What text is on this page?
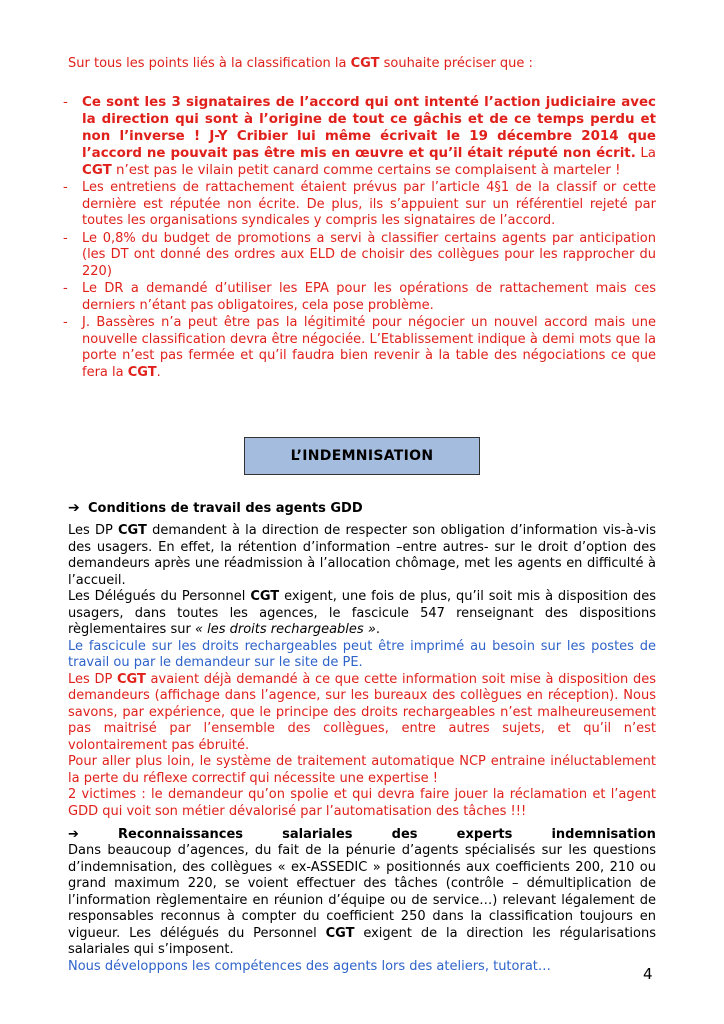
Sur tous les points liés à la classification la CGT souhaite préciser que :

- Ce sont les 3 signataires de l’accord qui ont intenté l’action judiciaire avec la direction qui sont à l’origine de tout ce gâchis et de ce temps perdu et non l’inverse ! J-Y Cribier lui même écrivait le 19 décembre 2014 que l’accord ne pouvait pas être mis en œuvre et qu’il était réputé non écrit. La CGT n’est pas le vilain petit canard comme certains se complaisent à marteler !
- Les entretiens de rattachement étaient prévus par l’article 4§1 de la classif or cette dernière est réputée non écrite. De plus, ils s’appuient sur un référentiel rejeté par toutes les organisations syndicales y compris les signataires de l’accord.
- Le 0,8% du budget de promotions a servi à classifier certains agents par anticipation (les DT ont donné des ordres aux ELD de choisir des collègues pour les rapprocher du 220)
- Le DR a demandé d’utiliser les EPA pour les opérations de rattachement mais ces derniers n’étant pas obligatoires, cela pose problème.
- J. Bassères n’a peut être pas la légitimité pour négocier un nouvel accord mais une nouvelle classification devra être négociée. L’Etablissement indique à demi mots que la porte n’est pas fermée et qu’il faudra bien revenir à la table des négociations ce que fera la CGT.
L’INDEMNISATION
➔ Conditions de travail des agents GDD

Les DP CGT demandent à la direction de respecter son obligation d’information vis-à-vis des usagers. En effet, la rétention d’information –entre autres- sur le droit d’option des demandeurs après une réadmission à l’allocation chômage, met les agents en difficulté à l’accueil.

Les Délégués du Personnel CGT exigent, une fois de plus, qu’il soit mis à disposition des usagers, dans toutes les agences, le fascicule 547 renseignant des dispositions règlementaires sur « les droits rechargeables ».

Le fascicule sur les droits rechargeables peut être imprimé au besoin sur les postes de travail ou par le demandeur sur le site de PE.

Les DP CGT avaient déjà demandé à ce que cette information soit mise à disposition des demandeurs (affichage dans l’agence, sur les bureaux des collègues en réception). Nous savons, par expérience, que le principe des droits rechargeables n’est malheureusement pas maitrisé par l’ensemble des collègues, entre autres sujets, et qu’il n’est volontairement pas ébruité.

Pour aller plus loin, le système de traitement automatique NCP entraine inéluctablement la perte du réflexe correctif qui nécessite une expertise !

2 victimes : le demandeur qu’on spolie et qui devra faire jouer la réclamation et l’agent GDD qui voit son métier dévalorisé par l’automatisation des tâches !!!

➔	Reconnaissances	salariales	des	experts	indemnisation

Dans beaucoup d’agences, du fait de la pénurie d’agents spécialisés sur les questions d’indemnisation, des collègues « ex-ASSEDIC » positionnés aux coefficients 200, 210 ou grand maximum 220, se voient effectuer des tâches (contrôle – démultiplication de l’information règlementaire en réunion d’équipe ou de service…) relevant légalement de responsables reconnus à compter du coefficient 250 dans la classification toujours en vigueur. Les délégués du Personnel CGT exigent de la direction les régularisations salariales qui s’imposent.

Nous développons les compétences des agents lors des ateliers, tutorat…	4
